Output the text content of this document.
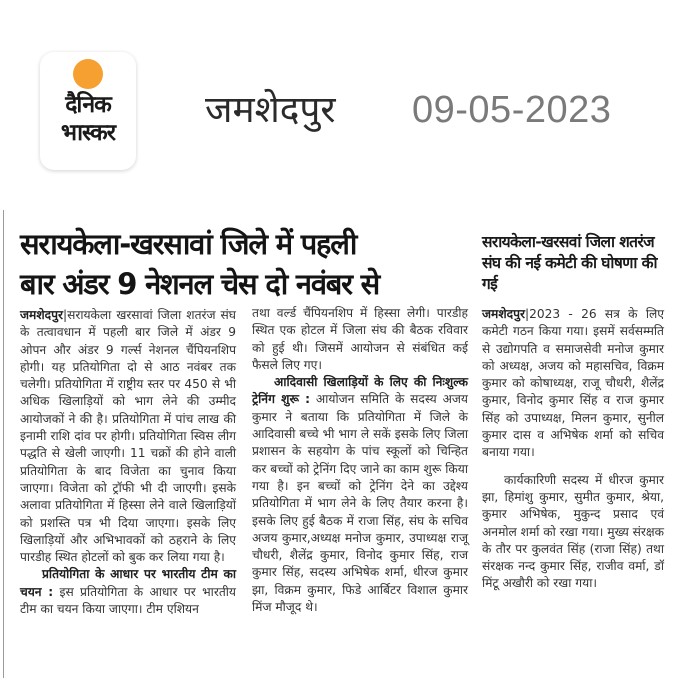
दैनिक
भास्कर
जमशेदपुर 09-05-2023
सरायकेला-खरसावां जिले में पहली
बार अंडर 9 नेशनल चेस दो नवंबर से

जमशेदपुर|सरायकेला खरसावां जिला शतरंज संघ के तत्वावधान में पहली बार जिले में अंडर 9 ओपन और अंडर 9 गर्ल्स नेशनल चैंपियनशिप होगी। यह प्रतियोगिता दो से आठ नवंबर तक चलेगी। प्रतियोगिता में राष्ट्रीय स्तर पर 450 से भी अधिक खिलाड़ियों को भाग लेने की उम्मीद आयोजकों ने की है। प्रतियोगिता में पांच लाख की इनामी राशि दांव पर होगी। प्रतियोगिता स्विस लीग पद्धति से खेली जाएगी। 11 चक्रों की होने वाली प्रतियोगिता के बाद विजेता का चुनाव किया जाएगा। विजेता को ट्रॉफी भी दी जाएगी। इसके अलावा प्रतियोगिता में हिस्सा लेने वाले खिलाड़ियों को प्रशस्ति पत्र भी दिया जाएगा। इसके लिए खिलाड़ियों और अभिभावकों को ठहराने के लिए पारडीह स्थित होटलों को बुक कर लिया गया है।

प्रतियोगिता के आधार पर भारतीय टीम का चयन : इस प्रतियोगिता के आधार पर भारतीय टीम का चयन किया जाएगा। टीम एशियन

तथा वर्ल्ड चैंपियनशिप में हिस्सा लेगी। पारडीह स्थित एक होटल में जिला संघ की बैठक रविवार को हुई थी। जिसमें आयोजन से संबंधित कई फैसले लिए गए।

आदिवासी खिलाड़ियों के लिए की निःशुल्क ट्रेनिंग शुरू : आयोजन समिति के सदस्य अजय कुमार ने बताया कि प्रतियोगिता में जिले के आदिवासी बच्चे भी भाग ले सकें इसके लिए जिला प्रशासन के सहयोग के पांच स्कूलों को चिन्हित कर बच्चों को ट्रेनिंग दिए जाने का काम शुरू किया गया है। इन बच्चों को ट्रेनिंग देने का उद्देश्य प्रतियोगिता में भाग लेने के लिए तैयार करना है। इसके लिए हुई बैठक में राजा सिंह, संघ के सचिव अजय कुमार,अध्यक्ष मनोज कुमार, उपाध्यक्ष राजू चौधरी, शैलेंद्र कुमार, विनोद कुमार सिंह, राज कुमार सिंह, सदस्य अभिषेक शर्मा, धीरज कुमार झा, विक्रम कुमार, फिडे आर्बिटर विशाल कुमार मिंज मौजूद थे।

सरायकेला-खरसवां जिला शतरंज संघ की नई कमेटी की घोषणा की गई

जमशेदपुर|2023 - 26 सत्र के लिए कमेटी गठन किया गया। इसमें सर्वसम्मति से उद्योगपति व समाजसेवी मनोज कुमार को अध्यक्ष, अजय को महासचिव, विक्रम कुमार को कोषाध्यक्ष, राजू चौधरी, शैलेंद्र कुमार, विनोद कुमार सिंह व राज कुमार सिंह को उपाध्यक्ष, मिलन कुमार, सुनील कुमार दास व अभिषेक शर्मा को सचिव बनाया गया।

कार्यकारिणी सदस्य में धीरज कुमार झा, हिमांशु कुमार, सुमीत कुमार, श्रेया, कुमार अभिषेक, मुकुन्द प्रसाद एवं अनमोल शर्मा को रखा गया। मुख्य संरक्षक के तौर पर कुलवंत सिंह (राजा सिंह) तथा संरक्षक नन्द कुमार सिंह, राजीव वर्मा, डॉ मिंटू अखौरी को रखा गया।
